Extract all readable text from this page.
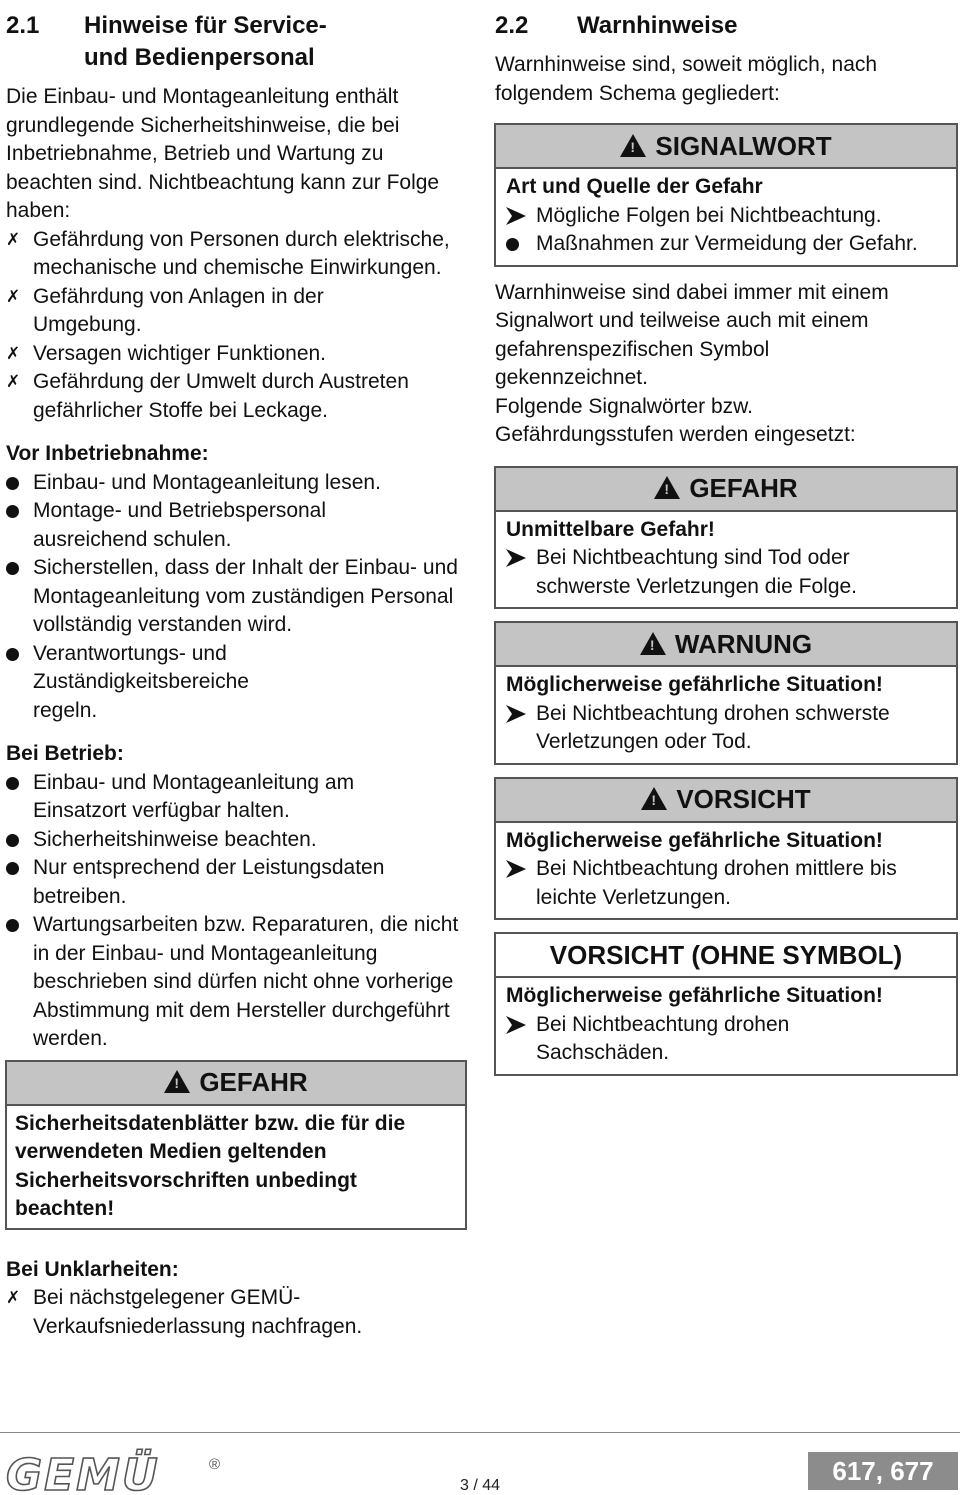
2.1	Hinweise für Service-
und Bedienpersonal

Die Einbau- und Montageanleitung enthält grundlegende Sicherheitshinweise, die bei Inbetriebnahme, Betrieb und Wartung zu beachten sind. Nichtbeachtung kann zur Folge haben:

✗ Gefährdung von Personen durch elektrische, mechanische und chemische Einwirkungen.
✗ Gefährdung von Anlagen in der Umgebung.
✗ Versagen wichtiger Funktionen.
✗ Gefährdung der Umwelt durch Austreten gefährlicher Stoffe bei Leckage.

Vor Inbetriebnahme:

Einbau- und Montageanleitung lesen.
Montage- und Betriebspersonal ausreichend schulen.
Sicherstellen, dass der Inhalt der Einbau- und Montageanleitung vom zuständigen Personal vollständig verstanden wird.
Verantwortungs- und Zuständigkeitsbereiche regeln.

Bei Betrieb:

Einbau- und Montageanleitung am Einsatzort verfügbar halten.
Sicherheitshinweise beachten.
Nur entsprechend der Leistungsdaten betreiben.
Wartungsarbeiten bzw. Reparaturen, die nicht in der Einbau- und Montageanleitung beschrieben sind dürfen nicht ohne vorherige Abstimmung mit dem Hersteller durchgeführt werden.
!
GEFAHR

Sicherheitsdatenblätter bzw. die für die verwendeten Medien geltenden Sicherheitsvorschriften unbedingt beachten!

Bei Unklarheiten:

✗ Bei nächstgelegener GEMÜ-Verkaufsniederlassung nachfragen.
2.2	Warnhinweise

Warnhinweise sind, soweit möglich, nach folgendem Schema gegliedert:

!
SIGNALWORT

Art und Quelle der Gefahr

Mögliche Folgen bei Nichtbeachtung.
Maßnahmen zur Vermeidung der Gefahr.

Warnhinweise sind dabei immer mit einem Signalwort und teilweise auch mit einem gefahrenspezifischen Symbol gekennzeichnet.

Folgende Signalwörter bzw. Gefährdungsstufen werden eingesetzt:

!
GEFAHR

Unmittelbare Gefahr!

Bei Nichtbeachtung sind Tod oder schwerste Verletzungen die Folge.
!
WARNUNG

Möglicherweise gefährliche Situation!

Bei Nichtbeachtung drohen schwerste Verletzungen oder Tod.
!
VORSICHT

Möglicherweise gefährliche Situation!

Bei Nichtbeachtung drohen mittlere bis leichte Verletzungen.
VORSICHT (OHNE SYMBOL)

Möglicherweise gefährliche Situation!

Bei Nichtbeachtung drohen Sachschäden.
GEMÜ	®
3 / 44	617, 677
